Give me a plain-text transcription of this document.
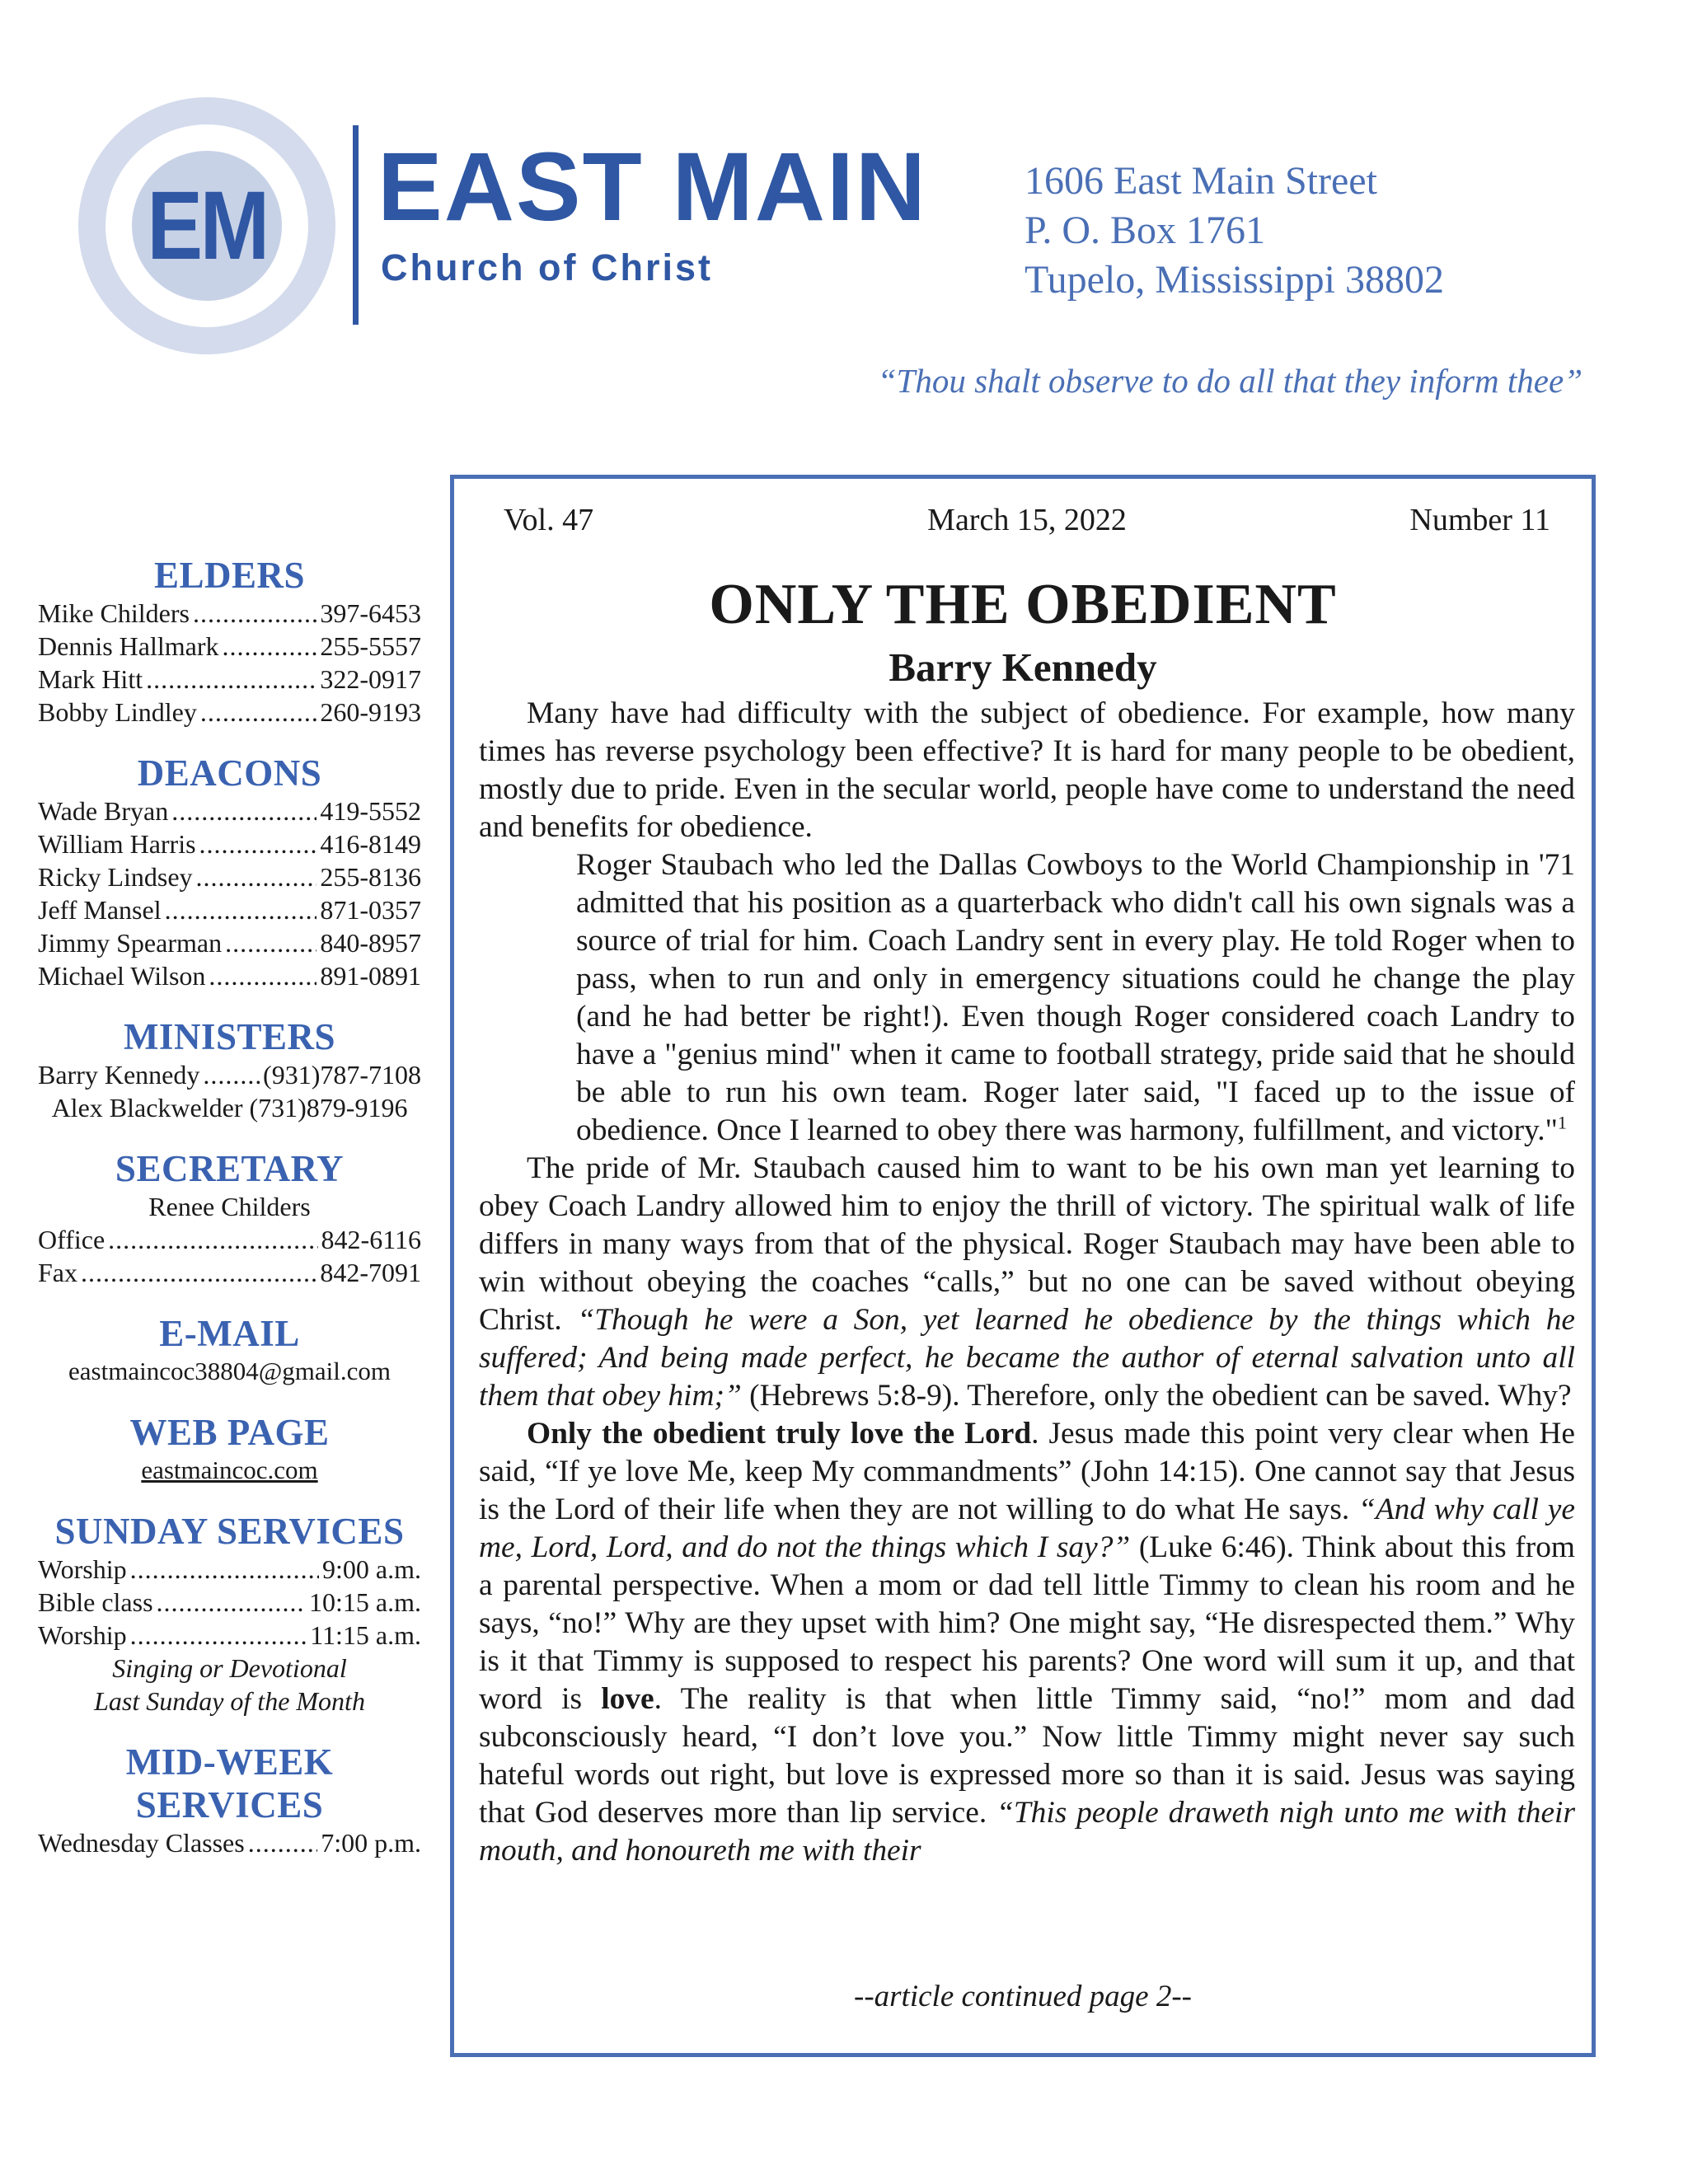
EM EAST MAIN
Church of Christ
1606 East Main Street
P. O. Box 1761
Tupelo, Mississippi 38802
“Thou shalt observe to do all that they inform thee”
ELDERS
Mike Childers .....	397-6453
Dennis Hallmark .....	255-5557
Mark Hitt .....	322-0917
Bobby Lindley .....	260-9193
DEACONS
Wade Bryan .....	419-5552
William Harris .....	416-8149
Ricky Lindsey .....	255-8136
Jeff Mansel .....	871-0357
Jimmy Spearman .....	840-8957
Michael Wilson .....	891-0891
MINISTERS
Barry Kennedy ..... (931)787-7108
Alex Blackwelder (731)879-9196
SECRETARY
Renee Childers
Office .....	842-6116
Fax .....	842-7091
E-MAIL
eastmaincoc38804@gmail.com
WEB PAGE
eastmaincoc.com
SUNDAY SERVICES
Worship .....	9:00 a.m.
Bible class .....	10:15 a.m.
Worship .....	11:15 a.m.
Singing or Devotional
Last Sunday of the Month
MID-WEEK
SERVICES
Wednesday Classes .....	7:00 p.m.
Vol. 47	March 15, 2022	Number 11
ONLY THE OBEDIENT
Barry Kennedy

Many have had difficulty with the subject of obedience. For example, how many times has reverse psychology been effective? It is hard for many people to be obedient, mostly due to pride. Even in the secular world, people have come to understand the need and benefits for obedience.

Roger Staubach who led the Dallas Cowboys to the World Championship in '71 admitted that his position as a quarterback who didn't call his own signals was a source of trial for him. Coach Landry sent in every play. He told Roger when to pass, when to run and only in emergency situations could he change the play (and he had better be right!). Even though Roger considered coach Landry to have a "genius mind" when it came to football strategy, pride said that he should be able to run his own team. Roger later said, "I faced up to the issue of obedience. Once I learned to obey there was harmony, fulfillment, and victory."$^1$

The pride of Mr. Staubach caused him to want to be his own man yet learning to obey Coach Landry allowed him to enjoy the thrill of victory. The spiritual walk of life differs in many ways from that of the physical. Roger Staubach may have been able to win without obeying the coaches “calls,” but no one can be saved without obeying Christ. “Though he were a Son, yet learned he obedience by the things which he suffered; And being made perfect, he became the author of eternal salvation unto all them that obey him;” (Hebrews 5:8-9). Therefore, only the obedient can be saved. Why?

Only the obedient truly love the Lord. Jesus made this point very clear when He said, “If ye love Me, keep My commandments” (John 14:15). One cannot say that Jesus is the Lord of their life when they are not willing to do what He says. “And why call ye me, Lord, Lord, and do not the things which I say?” (Luke 6:46). Think about this from a parental perspective. When a mom or dad tell little Timmy to clean his room and he says, “no!” Why are they upset with him? One might say, “He disrespected them.” Why is it that Timmy is supposed to respect his parents? One word will sum it up, and that word is love. The reality is that when little Timmy said, “no!” mom and dad subconsciously heard, “I don’t love you.” Now little Timmy might never say such hateful words out right, but love is expressed more so than it is said. Jesus was saying that God deserves more than lip service. “This people draweth nigh unto me with their mouth, and honoureth me with their

--article continued page 2--
